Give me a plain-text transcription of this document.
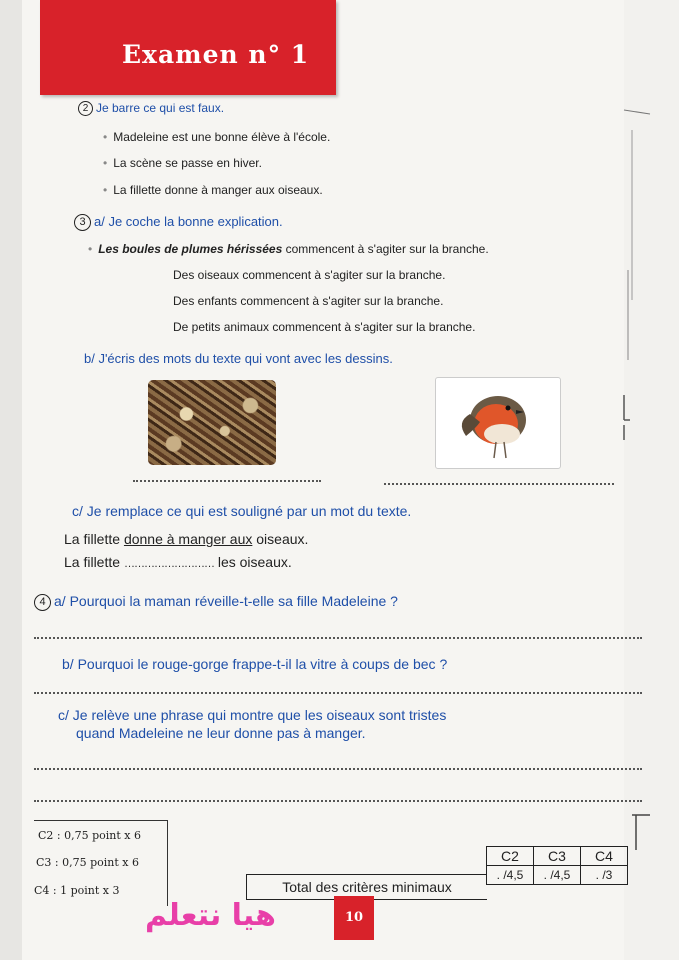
Examen n° 1
2 Je barre ce qui est faux.
• Madeleine est une bonne élève à l'école.
• La scène se passe en hiver.
• La fillette donne à manger aux oiseaux.
3 a/ Je coche la bonne explication.
• Les boules de plumes hérissées commencent à s'agiter sur la branche.
Des oiseaux commencent à s'agiter sur la branche.
Des enfants commencent à s'agiter sur la branche.
De petits animaux commencent à s'agiter sur la branche.
b/ J'écris des mots du texte qui vont avec les dessins.
c/ Je remplace ce qui est souligné par un mot du texte.
La fillette donne à manger aux oiseaux.
La fillette ……………………… les oiseaux.
4 a/ Pourquoi la maman réveille-t-elle sa fille Madeleine ?
b/ Pourquoi le rouge-gorge frappe-t-il la vitre à coups de bec ?
c/ Je relève une phrase qui montre que les oiseaux sont tristes
quand Madeleine ne leur donne pas à manger.
C2 : 0,75 point x 6
C3 : 0,75 point x 6
C4 : 1 point x 3	Total des critères minimaux
C2	C3	C4
. /4,5	. /4,5	. /3
هيا نتعلم	10
